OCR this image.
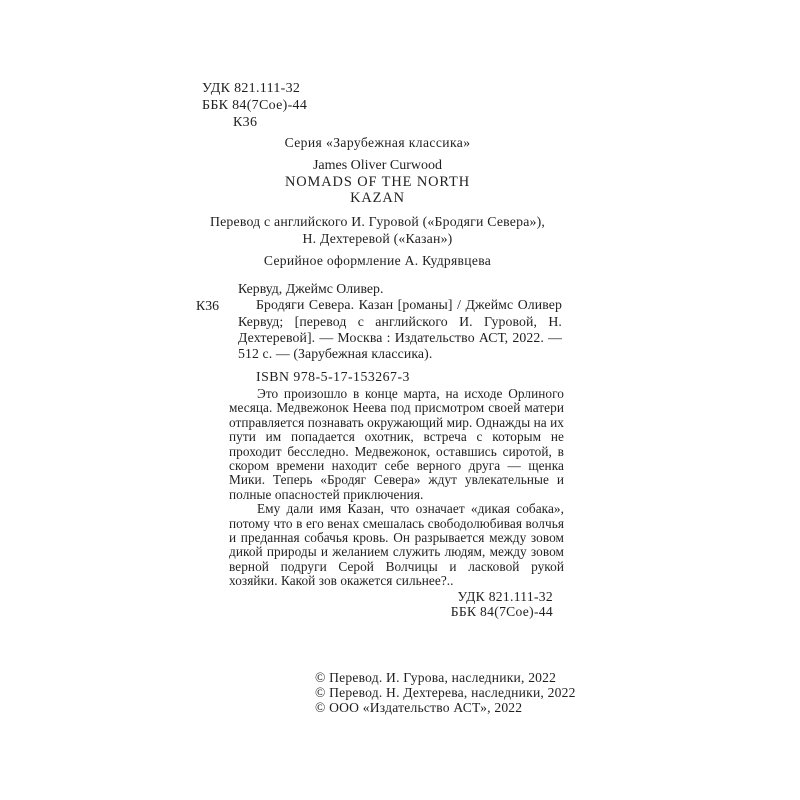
УДК 821.111-32
ББК 84(7Сое)-44
К36
Серия «Зарубежная классика»
James Oliver Curwood
NOMADS OF THE NORTH
KAZAN
Перевод с английского И. Гуровой («Бродяги Севера»),
Н. Дехтеревой («Казан»)
Серийное оформление А. Кудрявцева
К36
Кервуд, Джеймс Оливер.

Бродяги Севера. Казан [романы] / Джеймс Оливер Кервуд; [перевод с английского И. Гуровой, Н. Дехтеревой]. — Москва : Издательство АСТ, 2022. — 512 с. — (Зарубежная классика).

ISBN 978-5-17-153267-3

Это произошло в конце марта, на исходе Орлиного месяца. Медвежонок Неева под присмотром своей матери отправляется познавать окружающий мир. Однажды на их пути им попадается охотник, встреча с которым не проходит бесследно. Медвежонок, оставшись сиротой, в скором времени находит себе верного друга — щенка Мики. Теперь «Бродяг Севера» ждут увлекательные и полные опасностей приключения.

Ему дали имя Казан, что означает «дикая собака», потому что в его венах смешалась свободолюбивая волчья и преданная собачья кровь. Он разрывается между зовом дикой природы и желанием служить людям, между зовом верной подруги Серой Волчицы и ласковой рукой хозяйки. Какой зов окажется сильнее?..

УДК 821.111-32
ББК 84(7Сое)-44
© Перевод. И. Гурова, наследники, 2022
© Перевод. Н. Дехтерева, наследники, 2022
© ООО «Издательство АСТ», 2022
